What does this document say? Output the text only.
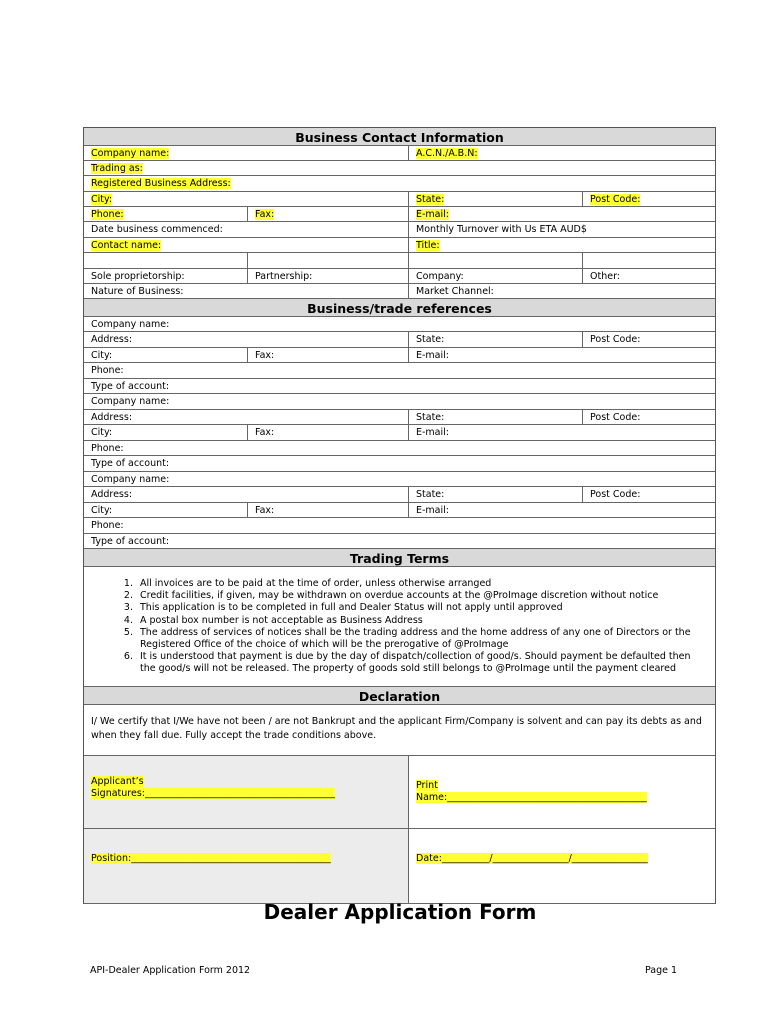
Business Contact Information
Company name:	A.C.N./A.B.N:
Trading as:
Registered Business Address:
City:	State:	Post Code:
Phone:	Fax:	E-mail:
Date business commenced:	Monthly Turnover with Us ETA AUD$
Contact name:	Title:
Sole proprietorship:	Partnership:	Company:	Other:
Nature of Business:	Market Channel:
Business/trade references
Company name:
Address:	State:	Post Code:
City:	Fax:	E-mail:
Phone:
Type of account:
Company name:
Address:	State:	Post Code:
City:	Fax:	E-mail:
Phone:
Type of account:
Company name:
Address:	State:	Post Code:
City:	Fax:	E-mail:
Phone:
Type of account:
Trading Terms
1. All invoices are to be paid at the time of order, unless otherwise arranged
2. Credit facilities, if given, may be withdrawn on overdue accounts at the @ProImage discretion without notice
3. This application is to be completed in full and Dealer Status will not apply until approved
4. A postal box number is not acceptable as Business Address
5. The address of services of notices shall be the trading address and the home address of any one of Directors or the Registered Office of the choice of which will be the prerogative of @ProImage
6. It is understood that payment is due by the day of dispatch/collection of good/s. Should payment be defaulted then the good/s will not be released. The property of goods sold still belongs to @ProImage until the payment cleared
Declaration
I/ We certify that I/We have not been / are not Bankrupt and the applicant Firm/Company is solvent and can pay its debts as and when they fall due. Fully accept the trade conditions above.
Applicant’s
Signatures:________________________________________
Print
Name:__________________________________________
Position:__________________________________________	Date:__________/________________/________________
Dealer Application Form
API-Dealer Application Form 2012	Page 1
